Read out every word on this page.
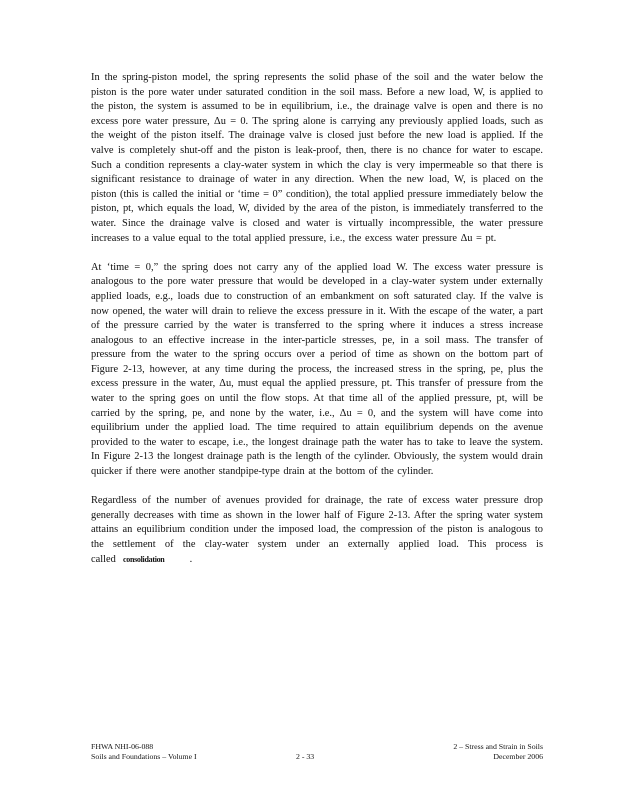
In the spring-piston model, the spring represents the solid phase of the soil and the water below the piston is the pore water under saturated condition in the soil mass. Before a new load, W, is applied to the piston, the system is assumed to be in equilibrium, i.e., the drainage valve is open and there is no excess pore water pressure, Δu = 0. The spring alone is carrying any previously applied loads, such as the weight of the piston itself. The drainage valve is closed just before the new load is applied. If the valve is completely shut-off and the piston is leak-proof, then, there is no chance for water to escape. Such a condition represents a clay-water system in which the clay is very impermeable so that there is significant resistance to drainage of water in any direction. When the new load, W, is placed on the piston (this is called the initial or ‘time = 0” condition), the total applied pressure immediately below the piston, pt, which equals the load, W, divided by the area of the piston, is immediately transferred to the water. Since the drainage valve is closed and water is virtually incompressible, the water pressure increases to a value equal to the total applied pressure, i.e., the excess water pressure Δu = pt.

At ‘time = 0,” the spring does not carry any of the applied load W. The excess water pressure is analogous to the pore water pressure that would be developed in a clay-water system under externally applied loads, e.g., loads due to construction of an embankment on soft saturated clay. If the valve is now opened, the water will drain to relieve the excess pressure in it. With the escape of the water, a part of the pressure carried by the water is transferred to the spring where it induces a stress increase analogous to an effective increase in the inter-particle stresses, pe, in a soil mass. The transfer of pressure from the water to the spring occurs over a period of time as shown on the bottom part of Figure 2-13, however, at any time during the process, the increased stress in the spring, pe, plus the excess pressure in the water, Δu, must equal the applied pressure, pt. This transfer of pressure from the water to the spring goes on until the flow stops. At that time all of the applied pressure, pt, will be carried by the spring, pe, and none by the water, i.e., Δu = 0, and the system will have come into equilibrium under the applied load. The time required to attain equilibrium depends on the avenue provided to the water to escape, i.e., the longest drainage path the water has to take to leave the system. In Figure 2-13 the longest drainage path is the length of the cylinder. Obviously, the system would drain quicker if there were another standpipe-type drain at the bottom of the cylinder.

Regardless of the number of avenues provided for drainage, the rate of excess water pressure drop generally decreases with time as shown in the lower half of Figure 2-13. After the spring water system attains an equilibrium condition under the imposed load, the compression of the piston is analogous to the settlement of the clay-water system under an externally applied load. This process is called consolidation .

FHWA NHI-06-088	2 – Stress and Strain in Soils
Soils and Foundations – Volume I	2 - 33	December 2006
